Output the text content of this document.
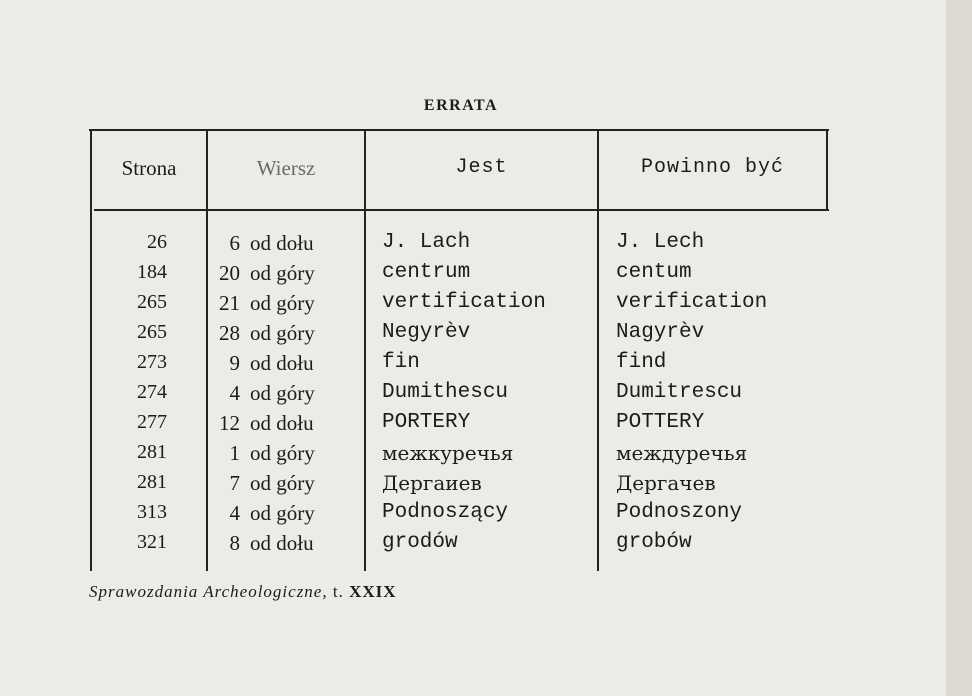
ERRATA
Strona	Wiersz	Jest	Powinno być
26	6 od dołu	J. Lach	J. Lech
184	20 od góry	centrum	centum
265	21 od góry	vertification	verification
265	28 od góry	Negyrèv	Nagyrèv
273	9 od dołu	fin	find
274	4 od góry	Dumithescu	Dumitrescu
277	12 od dołu	PORTERY	POTTERY
281	1 od góry	межкуречья	междуречья
281	7 od góry	Дергаиев	Дергачев
313	4 od góry	Podnoszący	Podnoszony
321	8 od dołu	grodów	grobów
Sprawozdania Archeologiczne, t. XXIX
